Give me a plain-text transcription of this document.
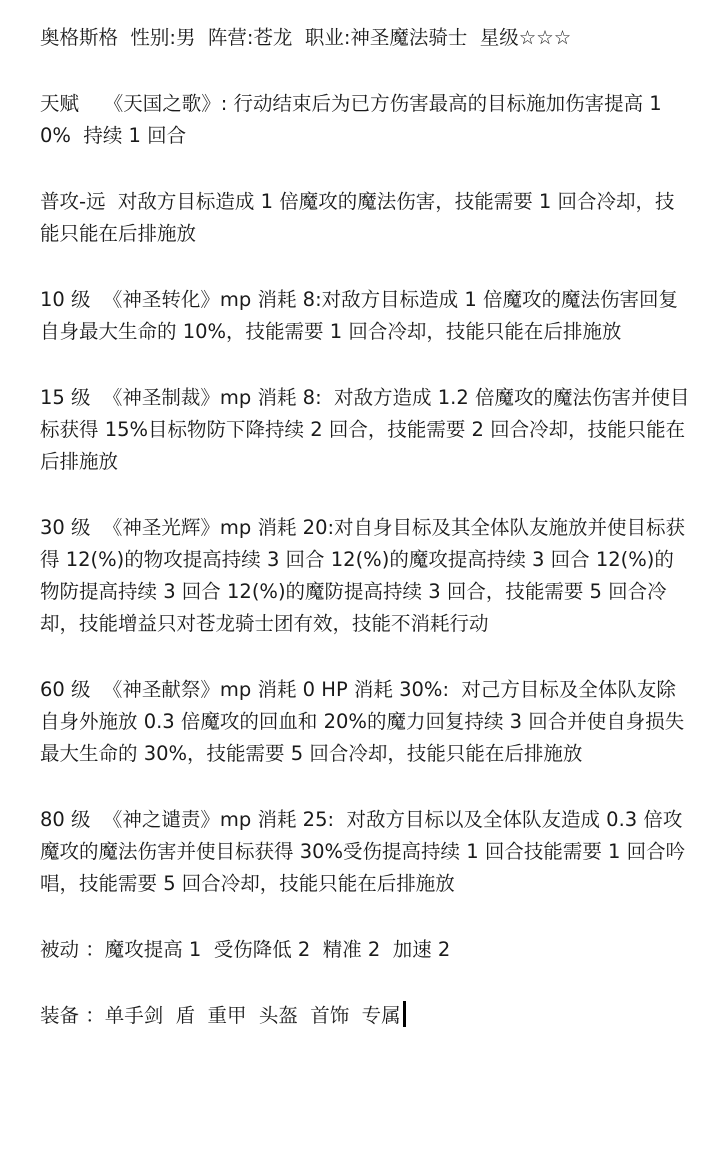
奥格斯格  性别:男  阵营:苍龙  职业:神圣魔法骑士  星级☆☆☆

天赋    《天国之歌》: 行动结束后为已方伤害最高的目标施加伤害提高 10%  持续 1 回合

普攻-远  对敌方目标造成 1 倍魔攻的魔法伤害，技能需要 1 回合冷却，技能只能在后排施放

10 级  《神圣转化》mp 消耗 8:对敌方目标造成 1 倍魔攻的魔法伤害回复自身最大生命的 10%，技能需要 1 回合冷却，技能只能在后排施放

15 级  《神圣制裁》mp 消耗 8:  对敌方造成 1.2 倍魔攻的魔法伤害并使目标获得 15%目标物防下降持续 2 回合，技能需要 2 回合冷却，技能只能在后排施放

30 级  《神圣光辉》mp 消耗 20:对自身目标及其全体队友施放并使目标获得 12(%)的物攻提高持续 3 回合 12(%)的魔攻提高持续 3 回合 12(%)的物防提高持续 3 回合 12(%)的魔防提高持续 3 回合，技能需要 5 回合冷却，技能增益只对苍龙骑士团有效，技能不消耗行动

60 级  《神圣献祭》mp 消耗 0 HP 消耗 30%:  对己方目标及全体队友除自身外施放 0.3 倍魔攻的回血和 20%的魔力回复持续 3 回合并使自身损失最大生命的 30%，技能需要 5 回合冷却，技能只能在后排施放

80 级  《神之谴责》mp 消耗 25:  对敌方目标以及全体队友造成 0.3 倍攻魔攻的魔法伤害并使目标获得 30%受伤提高持续 1 回合技能需要 1 回合吟唱，技能需要 5 回合冷却，技能只能在后排施放

被动 ：魔攻提高 1  受伤降低 2  精准 2  加速 2

装备 ：单手剑  盾  重甲  头盔  首饰  专属
